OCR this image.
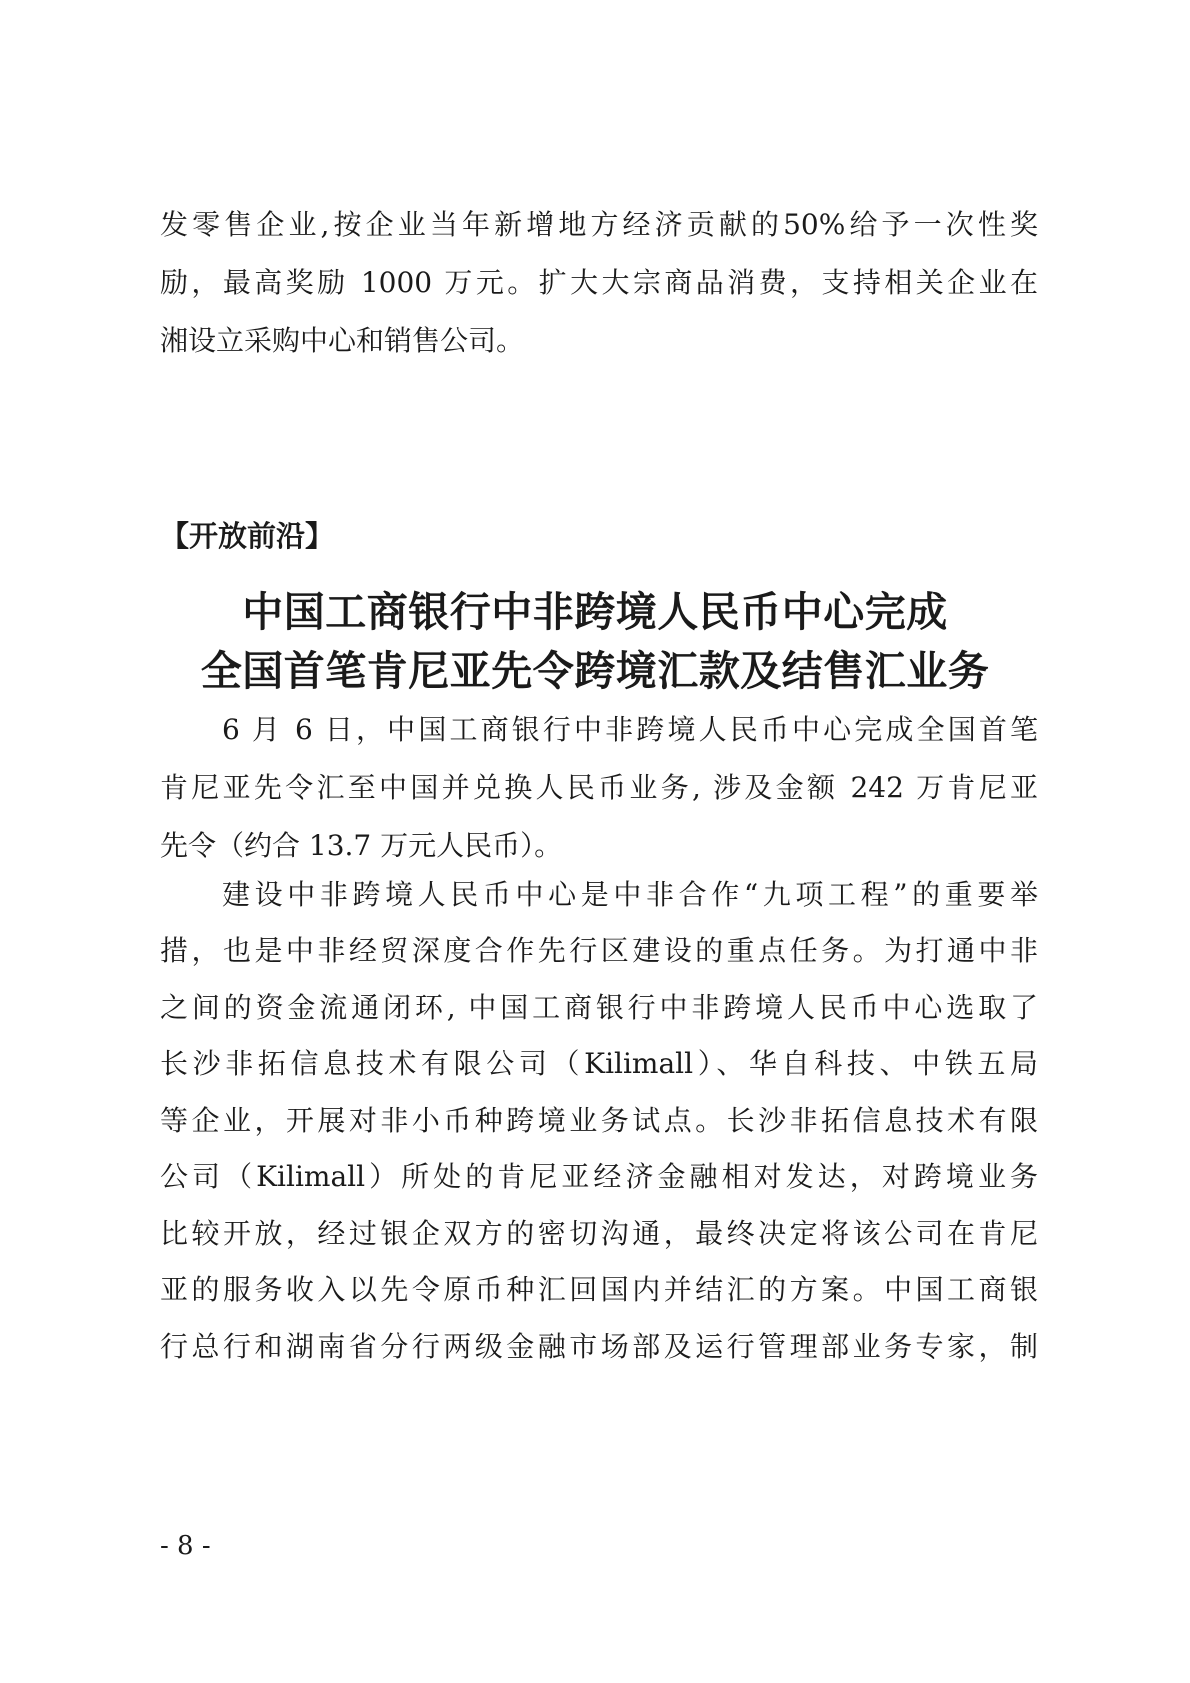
发零售企业,按企业当年新增地方经济贡献的50%给予一次性奖
励，最高奖励 1000 万元。扩大大宗商品消费，支持相关企业在
湘设立采购中心和销售公司。
【开放前沿】
中国工商银行中非跨境人民币中心完成
全国首笔肯尼亚先令跨境汇款及结售汇业务
6 月 6 日，中国工商银行中非跨境人民币中心完成全国首笔
肯尼亚先令汇至中国并兑换人民币业务, 涉及金额 242 万肯尼亚
先令（约合 13.7 万元人民币）。
建设中非跨境人民币中心是中非合作“九项工程”的重要举
措，也是中非经贸深度合作先行区建设的重点任务。为打通中非
之间的资金流通闭环, 中国工商银行中非跨境人民币中心选取了
长沙非拓信息技术有限公司（Kilimall）、华自科技、中铁五局
等企业，开展对非小币种跨境业务试点。长沙非拓信息技术有限
公司（Kilimall）所处的肯尼亚经济金融相对发达，对跨境业务
比较开放，经过银企双方的密切沟通，最终决定将该公司在肯尼
亚的服务收入以先令原币种汇回国内并结汇的方案。中国工商银
行总行和湖南省分行两级金融市场部及运行管理部业务专家，制
- 8 -
